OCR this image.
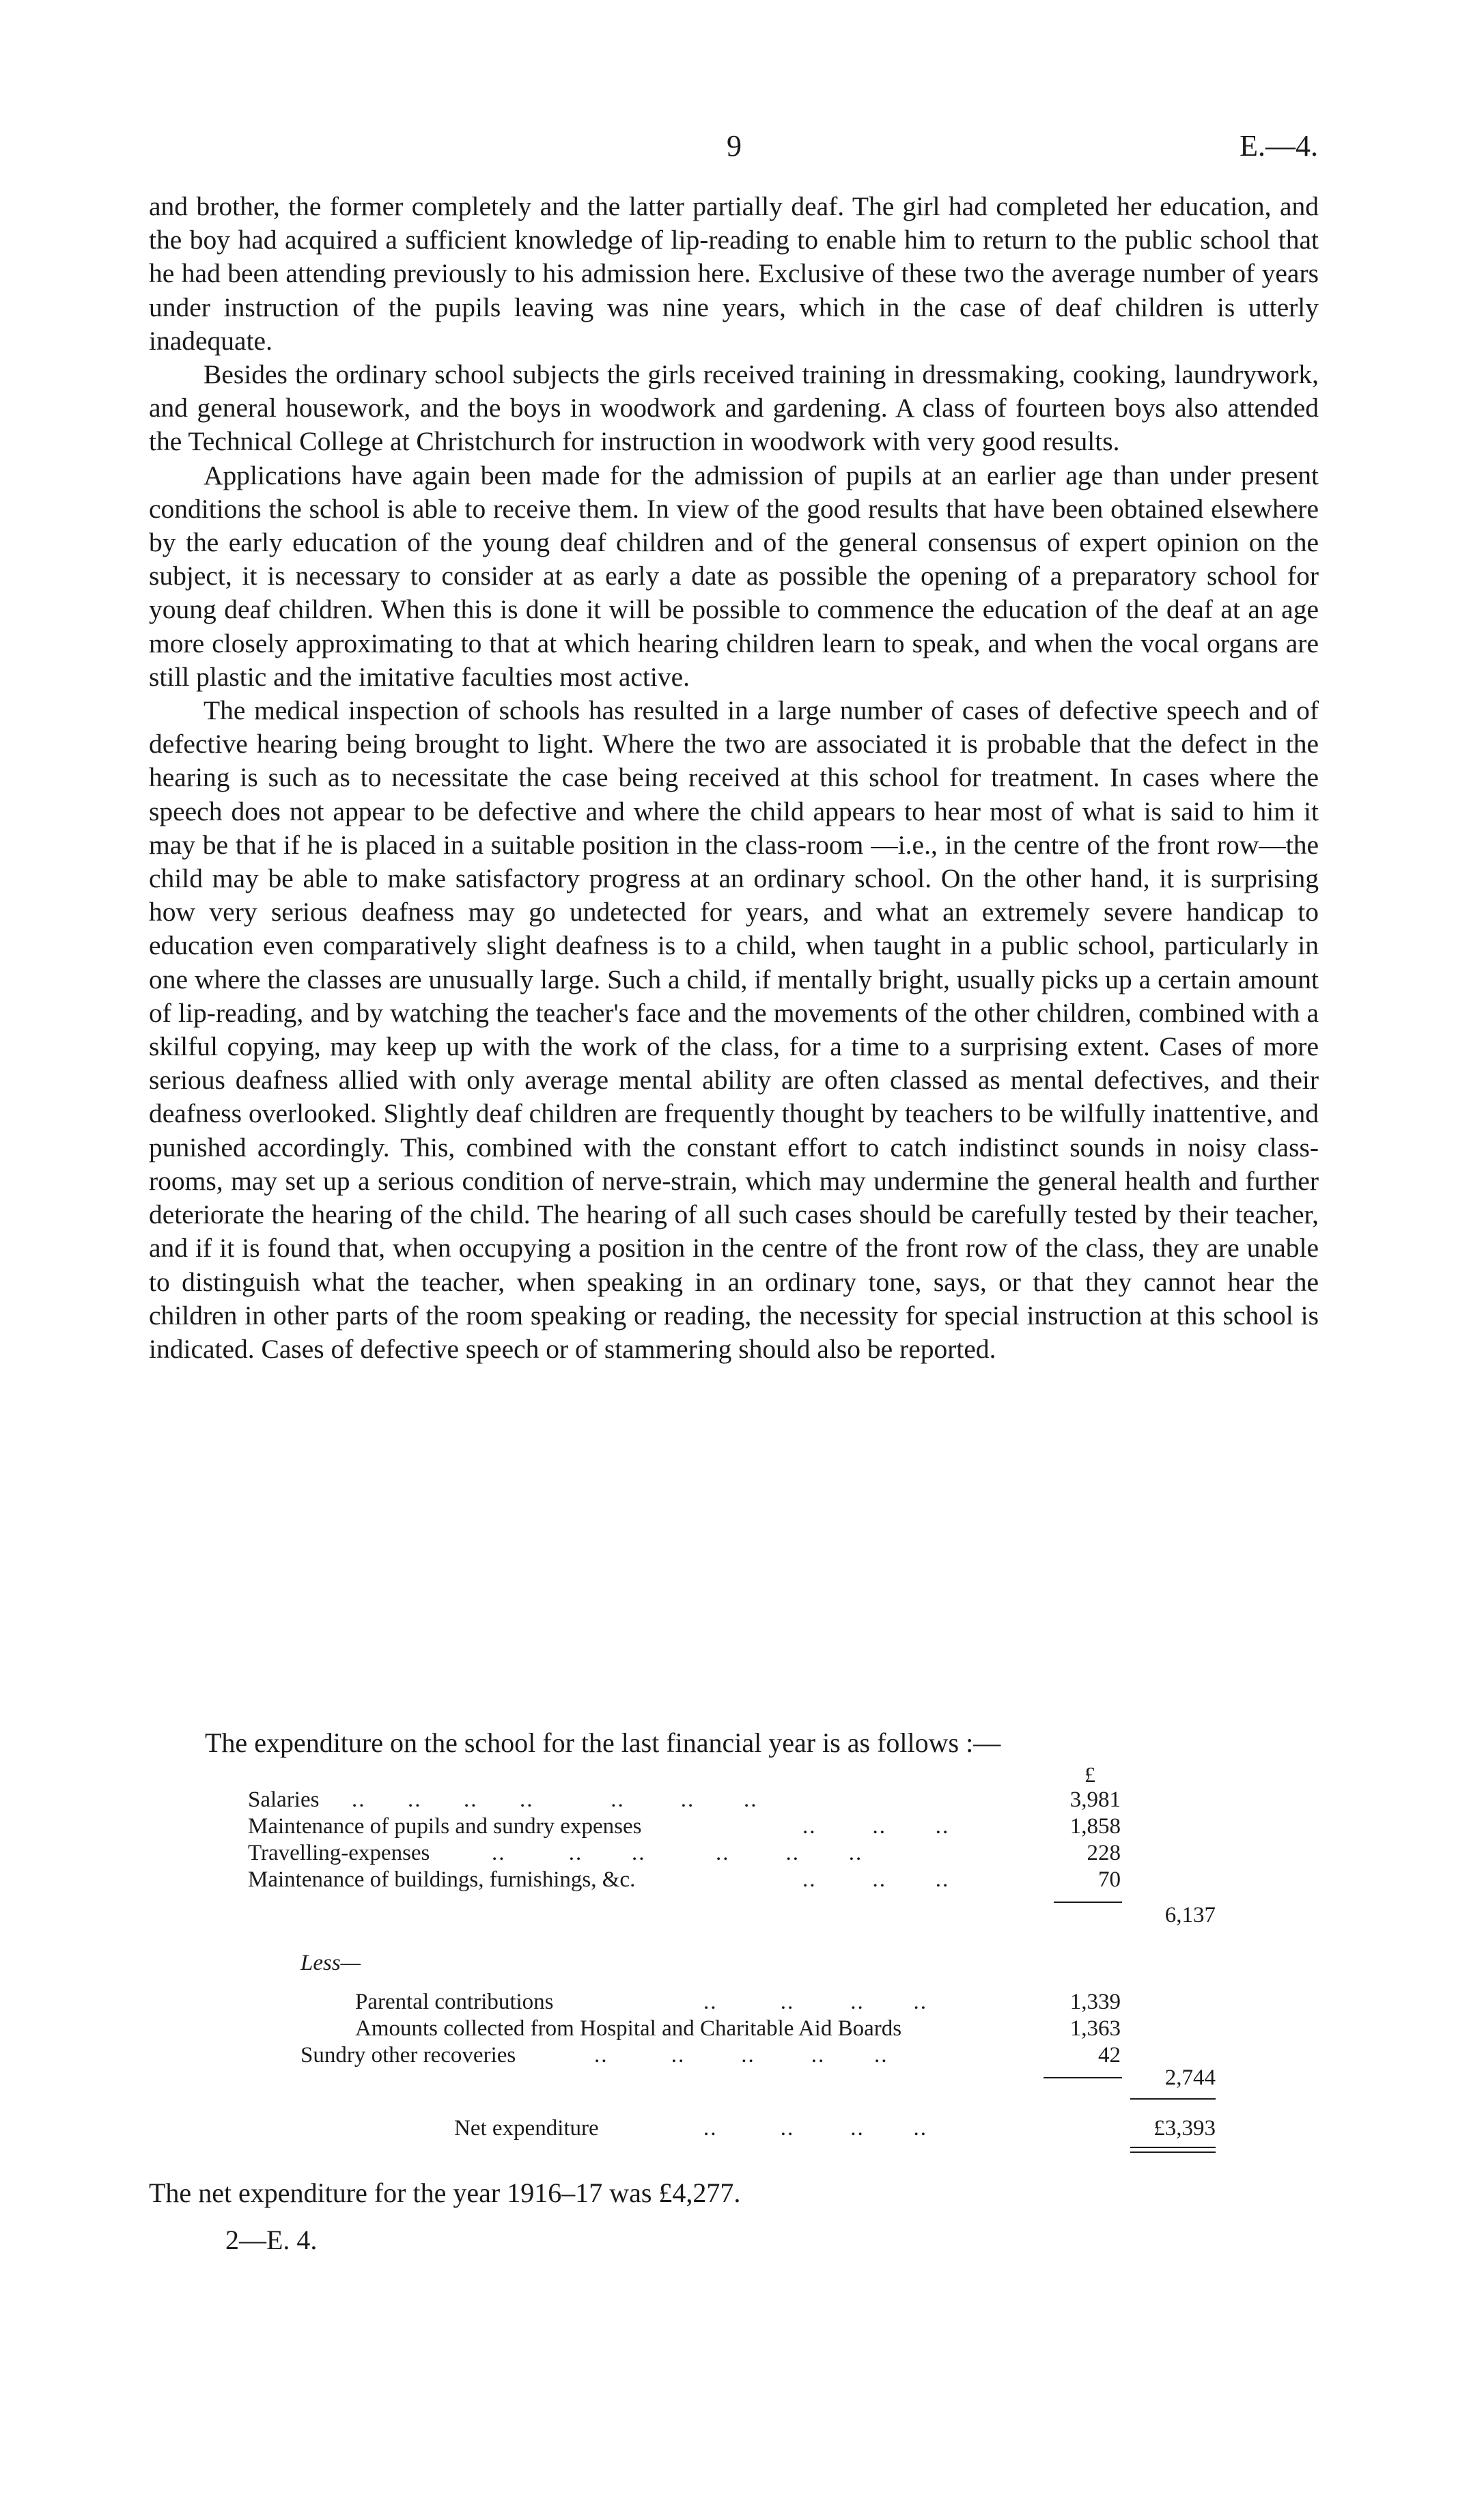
9	E.—4.

and brother, the former completely and the latter partially deaf. The girl had completed her education, and the boy had acquired a sufficient knowledge of lip-reading to enable him to return to the public school that he had been attending previously to his admission here. Exclusive of these two the average number of years under instruction of the pupils leaving was nine years, which in the case of deaf children is utterly inadequate.

Besides the ordinary school subjects the girls received training in dressmaking, cooking, laundrywork, and general housework, and the boys in woodwork and gardening. A class of fourteen boys also attended the Technical College at Christchurch for instruction in woodwork with very good results.

Applications have again been made for the admission of pupils at an earlier age than under present conditions the school is able to receive them. In view of the good results that have been obtained elsewhere by the early education of the young deaf children and of the general consensus of expert opinion on the subject, it is necessary to consider at as early a date as possible the opening of a preparatory school for young deaf children. When this is done it will be possible to commence the education of the deaf at an age more closely approximating to that at which hearing children learn to speak, and when the vocal organs are still plastic and the imitative faculties most active.

The medical inspection of schools has resulted in a large number of cases of defective speech and of defective hearing being brought to light. Where the two are associated it is probable that the defect in the hearing is such as to necessitate the case being received at this school for treatment. In cases where the speech does not appear to be defective and where the child appears to hear most of what is said to him it may be that if he is placed in a suitable position in the class-room —i.e., in the centre of the front row—the child may be able to make satisfactory progress at an ordinary school. On the other hand, it is surprising how very serious deafness may go undetected for years, and what an extremely severe handicap to education even comparatively slight deafness is to a child, when taught in a public school, particularly in one where the classes are unusually large. Such a child, if mentally bright, usually picks up a certain amount of lip-reading, and by watching the teacher's face and the movements of the other children, combined with a skilful copying, may keep up with the work of the class, for a time to a surprising extent. Cases of more serious deafness allied with only average mental ability are often classed as mental defectives, and their deafness overlooked. Slightly deaf children are frequently thought by teachers to be wilfully inattentive, and punished accordingly. This, combined with the constant effort to catch indistinct sounds in noisy class-rooms, may set up a serious condition of nerve-strain, which may undermine the general health and further deteriorate the hearing of the child. The hearing of all such cases should be carefully tested by their teacher, and if it is found that, when occupying a position in the centre of the front row of the class, they are unable to distinguish what the teacher, when speaking in an ordinary tone, says, or that they cannot hear the children in other parts of the room speaking or reading, the necessity for special instruction at this school is indicated. Cases of defective speech or of stammering should also be reported.

The expenditure on the school for the last financial year is as follows :—
£
Salaries ..      ..      ..      ..           ..        ..       ..	3,981
Maintenance of pupils and sundry expenses	..        ..       ..	1,858
Travelling-expenses	..         ..       ..          ..        ..       ..	228
Maintenance of buildings, furnishings, &c.	..        ..       ..	70
6,137
Parental contributions	..         ..        ..       ..	1,339
Amounts collected from Hospital and Charitable Aid Boards	1,363
Sundry other recoveries	..         ..        ..        ..       ..	42
2,744
Net expenditure	..         ..        ..       ..	£3,393
Less—
The net expenditure for the year 1916–17 was £4,277.
2—E. 4.
